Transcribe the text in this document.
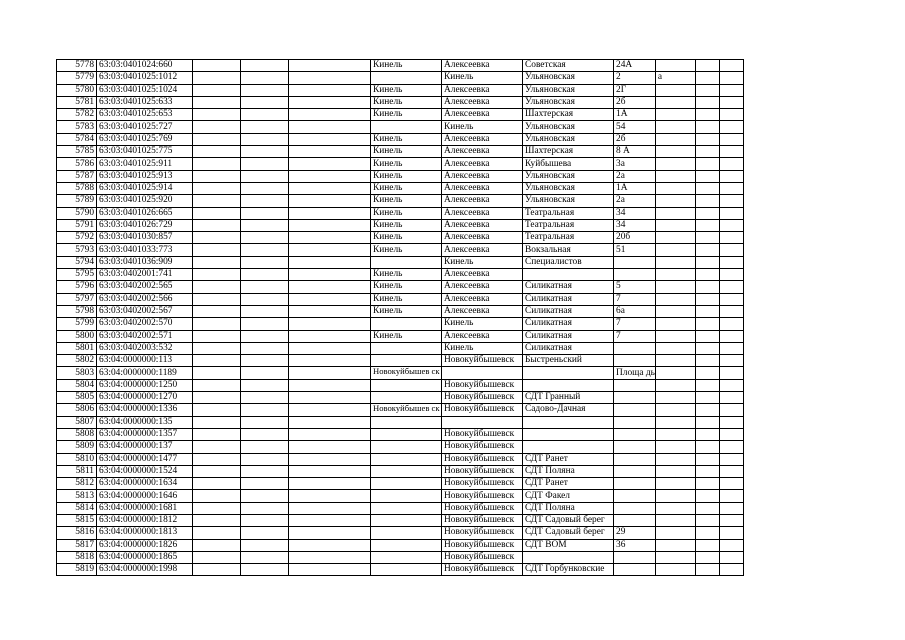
5778	63:03:0401024:660				Кинель	Алексеевка	Советская	24А			
5779	63:03:0401025:1012					Кинель	Ульяновская	2	а		
5780	63:03:0401025:1024				Кинель	Алексеевка	Ульяновская	2Г			
5781	63:03:0401025:633				Кинель	Алексеевка	Ульяновская	2б			
5782	63:03:0401025:653				Кинель	Алексеевка	Шахтерская	1А			
5783	63:03:0401025:727					Кинель	Ульяновская	54			
5784	63:03:0401025:769				Кинель	Алексеевка	Ульяновская	2б			
5785	63:03:0401025:775				Кинель	Алексеевка	Шахтерская	8 А			
5786	63:03:0401025:911				Кинель	Алексеевка	Куйбышева	3а			
5787	63:03:0401025:913				Кинель	Алексеевка	Ульяновская	2а			
5788	63:03:0401025:914				Кинель	Алексеевка	Ульяновская	1А			
5789	63:03:0401025:920				Кинель	Алексеевка	Ульяновская	2а			
5790	63:03:0401026:665				Кинель	Алексеевка	Театральная	34			
5791	63:03:0401026:729				Кинель	Алексеевка	Театральная	34			
5792	63:03:0401030:857				Кинель	Алексеевка	Театральная	20б			
5793	63:03:0401033:773				Кинель	Алексеевка	Вокзальная	51			
5794	63:03:0401036:909					Кинель	Специалистов				
5795	63:03:0402001:741				Кинель	Алексеевка					
5796	63:03:0402002:565				Кинель	Алексеевка	Силикатная	5			
5797	63:03:0402002:566				Кинель	Алексеевка	Силикатная	7			
5798	63:03:0402002:567				Кинель	Алексеевка	Силикатная	6а			
5799	63:03:0402002:570					Кинель	Силикатная	7			
5800	63:03:0402002:571				Кинель	Алексеевка	Силикатная	7			
5801	63:03:0402003:532					Кинель	Силикатная				
5802	63:04:0000000:113					Новокуйбышевск	Быстреньский				
5803	63:04:0000000:1189				Новокуйбышев ск			Площа дь			
5804	63:04:0000000:1250					Новокуйбышевск					
5805	63:04:0000000:1270					Новокуйбышевск	СДТ Гранный				
5806	63:04:0000000:1336				Новокуйбышев ск	Новокуйбышевск	Садово-Дачная				
5807	63:04:0000000:135										
5808	63:04:0000000:1357					Новокуйбышевск					
5809	63:04:0000000:137					Новокуйбышевск					
5810	63:04:0000000:1477					Новокуйбышевск	СДТ Ранет				
5811	63:04:0000000:1524					Новокуйбышевск	СДТ Поляна				
5812	63:04:0000000:1634					Новокуйбышевск	СДТ Ранет				
5813	63:04:0000000:1646					Новокуйбышевск	СДТ Факел				
5814	63:04:0000000:1681					Новокуйбышевск	СДТ Поляна				
5815	63:04:0000000:1812					Новокуйбышевск	СДТ Садовый берег				
5816	63:04:0000000:1813					Новокуйбышевск	СДТ Садовый берег	29			
5817	63:04:0000000:1826					Новокуйбышевск	СДТ ВОМ	36			
5818	63:04:0000000:1865					Новокуйбышевск					
5819	63:04:0000000:1998					Новокуйбышевск	СДТ Горбунковские				
